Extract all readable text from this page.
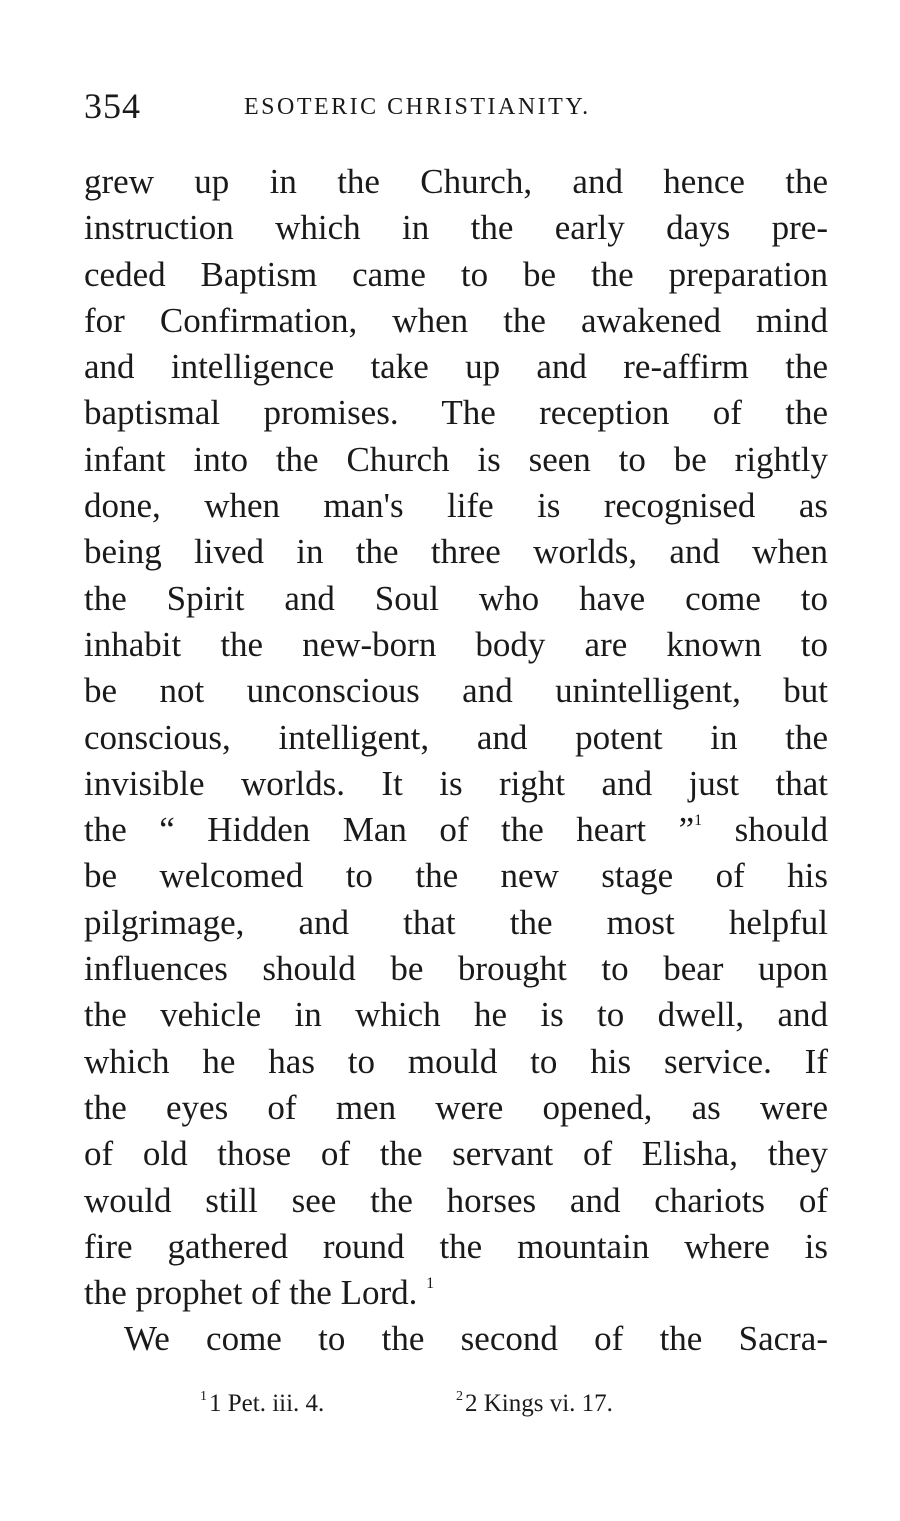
354	ESOTERIC CHRISTIANITY.
grew up in the Church, and hence the
instruction which in the early days pre-
ceded Baptism came to be the preparation
for Confirmation, when the awakened mind
and intelligence take up and re-affirm the
baptismal promises. The reception of the
infant into the Church is seen to be rightly
done, when man's life is recognised as
being lived in the three worlds, and when
the Spirit and Soul who have come to
inhabit the new-born body are known to
be not unconscious and unintelligent, but
conscious, intelligent, and potent in the
invisible worlds. It is right and just that
the “ Hidden Man of the heart ”$^1$ should
be welcomed to the new stage of his
pilgrimage, and that the most helpful
influences should be brought to bear upon
the vehicle in which he is to dwell, and
which he has to mould to his service. If
the eyes of men were opened, as were
of old those of the servant of Elisha, they
would still see the horses and chariots of
fire gathered round the mountain where is
the prophet of the Lord. $^1$
We come to the second of the Sacra-
$^1$1 Pet. iii. 4.	$^2$2 Kings vi. 17.
